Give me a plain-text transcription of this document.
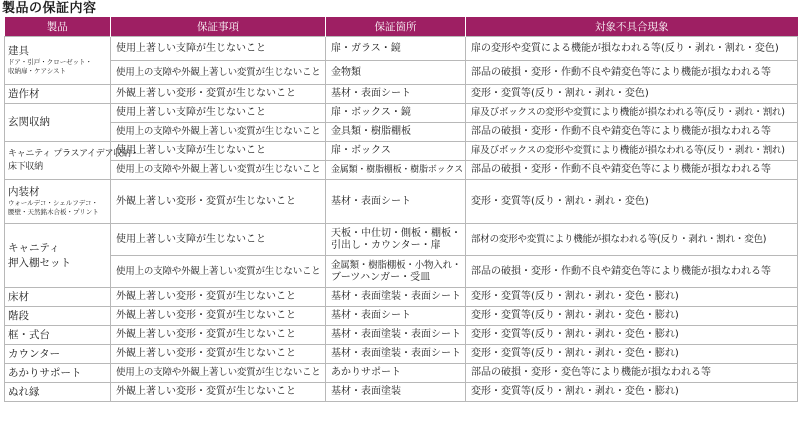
製品の保証内容
製品	保証事項	保証箇所	対象不具合現象
建具
ドア・引戸・クローゼット・
収納扉・ケアシスト	使用上著しい支障が生じないこと	扉・ガラス・鏡	扉の変形や変質による機能が損なわれる等(反り・剥れ・割れ・変色)
	使用上の支障や外観上著しい変質が生じないこと	金物類	部品の破損・変形・作動不良や錆変色等により機能が損なわれる等
造作材	外観上著しい変形・変質が生じないこと	基材・表面シート	変形・変質等(反り・割れ・剥れ・変色)
玄関収納	使用上著しい支障が生じないこと	扉・ボックス・鏡	扉及びボックスの変形や変質により機能が損なわれる等(反り・剥れ・割れ)
	使用上の支障や外観上著しい変質が生じないこと	金具類・樹脂棚板	部品の破損・変形・作動不良や錆変色等により機能が損なわれる等

キャニティ プラスアイデア収納・
床下収納	使用上著しい支障が生じないこと	扉・ボックス	扉及びボックスの変形や変質により機能が損なわれる等(反り・剥れ・割れ)
	使用上の支障や外観上著しい変質が生じないこと	金属類・樹脂棚板・樹脂ボックス	部品の破損・変形・作動不良や錆変色等により機能が損なわれる等
内装材
ウォールデコ・シェルフデコ・
腰壁・天然銘木合板・プリント	外観上著しい変形・変質が生じないこと	基材・表面シート	変形・変質等(反り・割れ・剥れ・変色)

キャニティ
押入棚セット	使用上著しい支障が生じないこと	天板・中仕切・側板・棚板・
引出し・カウンター・扉	部材の変形や変質により機能が損なわれる等(反り・剥れ・割れ・変色)
	使用上の支障や外観上著しい変質が生じないこと	金属類・樹脂棚板・小物入れ・
ブーツハンガー・受皿	部品の破損・変形・作動不良や錆変色等により機能が損なわれる等
床材	外観上著しい変形・変質が生じないこと	基材・表面塗装・表面シート	変形・変質等(反り・割れ・剥れ・変色・膨れ)
階段	外観上著しい変形・変質が生じないこと	基材・表面シート	変形・変質等(反り・割れ・剥れ・変色・膨れ)
框・式台	外観上著しい変形・変質が生じないこと	基材・表面塗装・表面シート	変形・変質等(反り・割れ・剥れ・変色・膨れ)
カウンター	外観上著しい変形・変質が生じないこと	基材・表面塗装・表面シート	変形・変質等(反り・割れ・剥れ・変色・膨れ)
あかりサポート	使用上の支障や外観上著しい変質が生じないこと	あかりサポート	部品の破損・変形・変色等により機能が損なわれる等
ぬれ縁	外観上著しい変形・変質が生じないこと	基材・表面塗装	変形・変質等(反り・割れ・剥れ・変色・膨れ)
